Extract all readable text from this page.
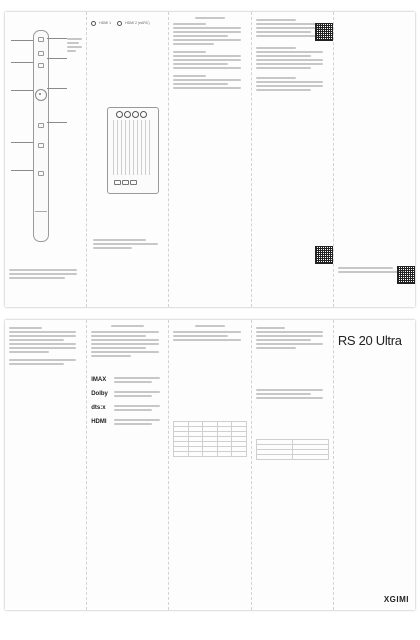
HDMI 1	HDMI 2 (eARC)
IMAX
Dolby
dts:x
HDMI

RS 20 Ultra
XGIMI
